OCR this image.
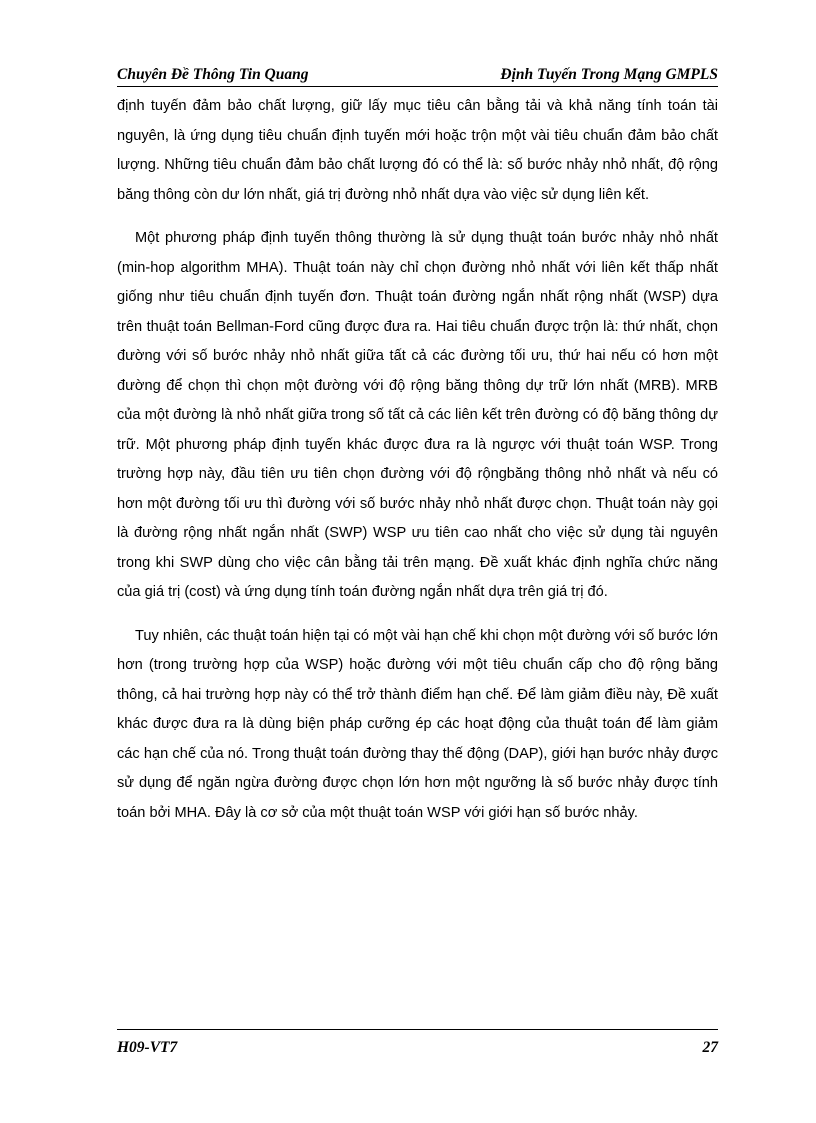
Chuyên Đề Thông Tin Quang	Định Tuyến Trong Mạng GMPLS

định tuyến đảm bảo chất lượng, giữ lấy mục tiêu cân bằng tải và khả năng tính toán tài nguyên, là ứng dụng tiêu chuẩn định tuyến mới hoặc trộn một vài tiêu chuẩn đảm bảo chất lượng. Những tiêu chuẩn đảm bảo chất lượng đó có thể là: số bước nhảy nhỏ nhất, độ rộng băng thông còn dư lớn nhất, giá trị đường nhỏ nhất dựa vào việc sử dụng liên kết.

Một phương pháp định tuyến thông thường là sử dụng thuật toán bước nhảy nhỏ nhất (min-hop algorithm MHA). Thuật toán này chỉ chọn đường nhỏ nhất với liên kết thấp nhất giống như tiêu chuẩn định tuyến đơn. Thuật toán đường ngắn nhất rộng nhất (WSP) dựa trên thuật toán Bellman-Ford cũng được đưa ra. Hai tiêu chuẩn được trộn là: thứ nhất, chọn đường với số bước nhảy nhỏ nhất giữa tất cả các đường tối ưu, thứ hai nếu có hơn một đường để chọn thì chọn một đường với độ rộng băng thông dự trữ lớn nhất (MRB). MRB của một đường là nhỏ nhất giữa trong số tất cả các liên kết trên đường có độ băng thông dự trữ. Một phương pháp định tuyến khác được đưa ra là ngược với thuật toán WSP. Trong trường hợp này, đầu tiên ưu tiên chọn đường với độ rộngbăng thông nhỏ nhất và nếu có hơn một đường tối ưu thì đường với số bước nhảy nhỏ nhất được chọn. Thuật toán này gọi là đường rộng nhất ngắn nhất (SWP) WSP ưu tiên cao nhất cho việc sử dụng tài nguyên trong khi SWP dùng cho việc cân bằng tải trên mạng. Đề xuất khác định nghĩa chức năng của giá trị (cost) và ứng dụng tính toán đường ngắn nhất dựa trên giá trị đó.

Tuy nhiên, các thuật toán hiện tại có một vài hạn chế khi chọn một đường với số bước lớn hơn (trong trường hợp của WSP) hoặc đường với một tiêu chuẩn cấp cho độ rộng băng thông, cả hai trường hợp này có thể trở thành điểm hạn chế. Để làm giảm điều này, Đề xuất khác được đưa ra là dùng biện pháp cưỡng ép các hoạt động của thuật toán để làm giảm các hạn chế của nó. Trong thuật toán đường thay thế động (DAP), giới hạn bước nhảy được sử dụng để ngăn ngừa đường được chọn lớn hơn một ngưỡng là số bước nhảy được tính toán bởi MHA. Đây là cơ sở của một thuật toán WSP với giới hạn số bước nhảy.

H09-VT7	27
